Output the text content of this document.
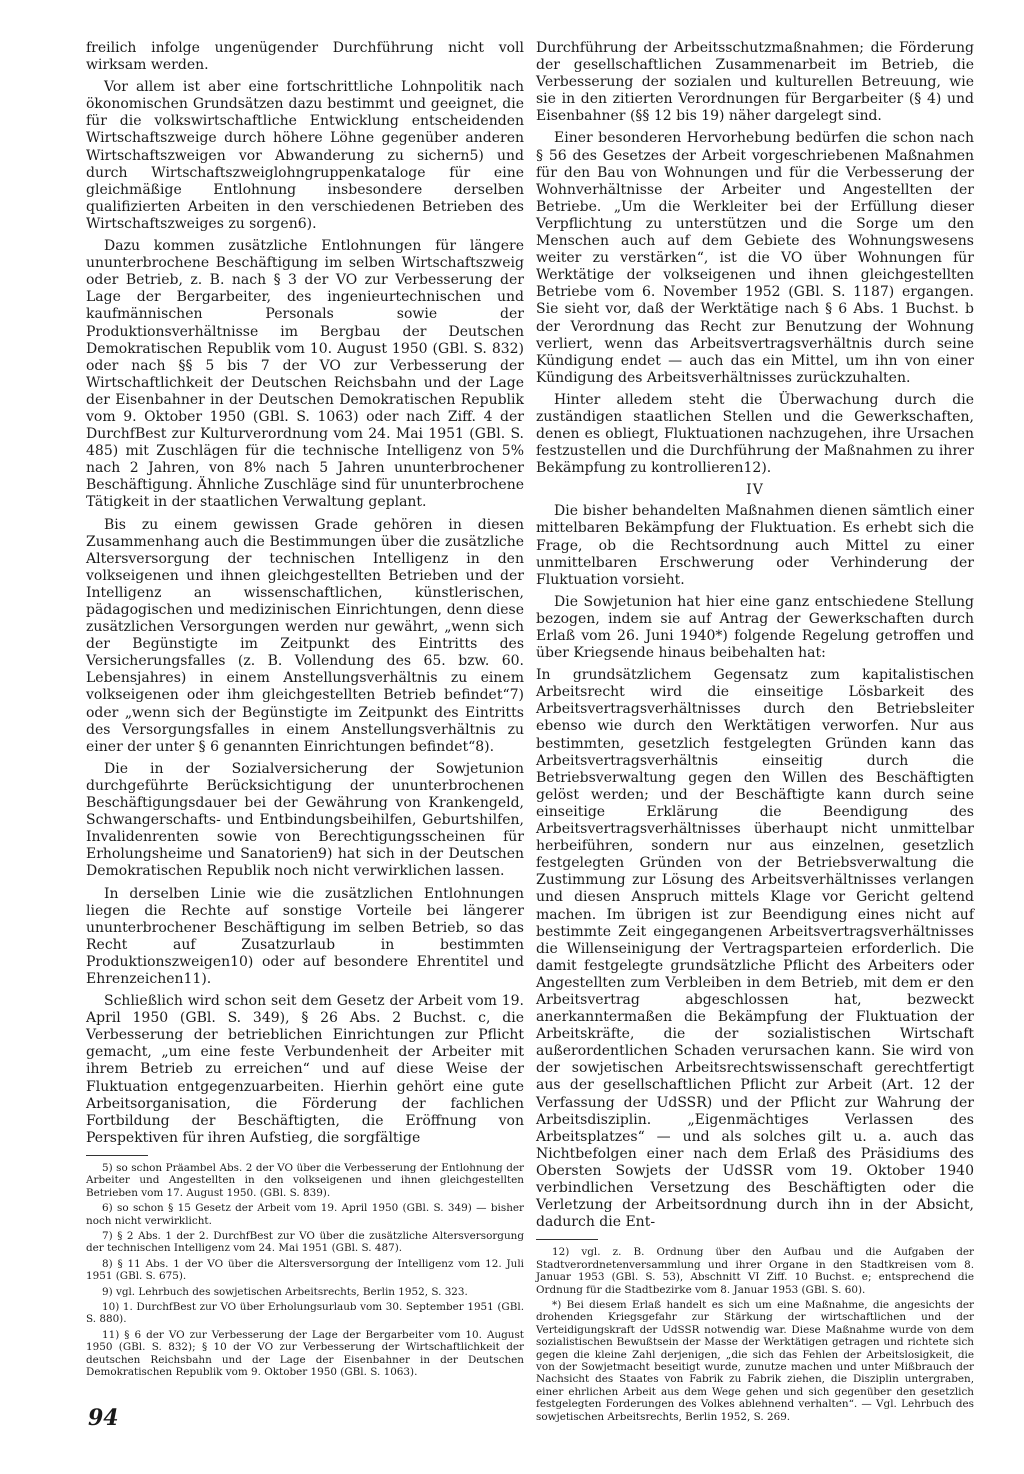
freilich infolge ungenügender Durchführung nicht voll wirksam werden.

Vor allem ist aber eine fortschrittliche Lohnpolitik nach ökonomischen Grundsätzen dazu bestimmt und geeignet, die für die volkswirtschaftliche Entwicklung entscheidenden Wirtschaftszweige durch höhere Löhne gegenüber anderen Wirtschaftszweigen vor Abwanderung zu sichern5) und durch Wirtschaftszweiglohngruppenkataloge für eine gleichmäßige Entlohnung insbesondere derselben qualifizierten Arbeiten in den verschiedenen Betrieben des Wirtschaftszweiges zu sorgen6).

Dazu kommen zusätzliche Entlohnungen für längere ununterbrochene Beschäftigung im selben Wirtschaftszweig oder Betrieb, z. B. nach § 3 der VO zur Verbesserung der Lage der Bergarbeiter, des ingenieurtechnischen und kaufmännischen Personals sowie der Produktionsverhältnisse im Bergbau der Deutschen Demokratischen Republik vom 10. August 1950 (GBl. S. 832) oder nach §§ 5 bis 7 der VO zur Verbesserung der Wirtschaftlichkeit der Deutschen Reichsbahn und der Lage der Eisenbahner in der Deutschen Demokratischen Republik vom 9. Oktober 1950 (GBl. S. 1063) oder nach Ziff. 4 der DurchfBest zur Kulturverordnung vom 24. Mai 1951 (GBl. S. 485) mit Zuschlägen für die technische Intelligenz von 5% nach 2 Jahren, von 8% nach 5 Jahren ununterbrochener Beschäftigung. Ähnliche Zuschläge sind für ununterbrochene Tätigkeit in der staatlichen Verwaltung geplant.

Bis zu einem gewissen Grade gehören in diesen Zusammenhang auch die Bestimmungen über die zusätzliche Altersversorgung der technischen Intelligenz in den volkseigenen und ihnen gleichgestellten Betrieben und der Intelligenz an wissenschaftlichen, künstlerischen, pädagogischen und medizinischen Einrichtungen, denn diese zusätzlichen Versorgungen werden nur gewährt, „wenn sich der Begünstigte im Zeitpunkt des Eintritts des Versicherungsfalles (z. B. Vollendung des 65. bzw. 60. Lebensjahres) in einem Anstellungsverhältnis zu einem volkseigenen oder ihm gleichgestellten Betrieb befindet“7) oder „wenn sich der Begünstigte im Zeitpunkt des Eintritts des Versorgungsfalles in einem Anstellungsverhältnis zu einer der unter § 6 genannten Einrichtungen befindet“8).

Die in der Sozialversicherung der Sowjetunion durchgeführte Berücksichtigung der ununterbrochenen Beschäftigungsdauer bei der Gewährung von Krankengeld, Schwangerschafts- und Entbindungsbeihilfen, Geburtshilfen, Invalidenrenten sowie von Berechtigungsscheinen für Erholungsheime und Sanatorien9) hat sich in der Deutschen Demokratischen Republik noch nicht verwirklichen lassen.

In derselben Linie wie die zusätzlichen Entlohnungen liegen die Rechte auf sonstige Vorteile bei längerer ununterbrochener Beschäftigung im selben Betrieb, so das Recht auf Zusatzurlaub in bestimmten Produktionszweigen10) oder auf besondere Ehrentitel und Ehrenzeichen11).

Schließlich wird schon seit dem Gesetz der Arbeit vom 19. April 1950 (GBl. S. 349), § 26 Abs. 2 Buchst. c, die Verbesserung der betrieblichen Einrichtungen zur Pflicht gemacht, „um eine feste Verbundenheit der Arbeiter mit ihrem Betrieb zu erreichen“ und auf diese Weise der Fluktuation entgegenzuarbeiten. Hierhin gehört eine gute Arbeitsorganisation, die Förderung der fachlichen Fortbildung der Beschäftigten, die Eröffnung von Perspektiven für ihren Aufstieg, die sorgfältige

5) so schon Präambel Abs. 2 der VO über die Verbesserung der Entlohnung der Arbeiter und Angestellten in den volkseigenen und ihnen gleichgestellten Betrieben vom 17. August 1950. (GBl. S. 839).

6) so schon § 15 Gesetz der Arbeit vom 19. April 1950 (GBl. S. 349) — bisher noch nicht verwirklicht.

7) § 2 Abs. 1 der 2. DurchfBest zur VO über die zusätzliche Altersversorgung der technischen Intelligenz vom 24. Mai 1951 (GBl. S. 487).

8) § 11 Abs. 1 der VO über die Altersversorgung der Intelligenz vom 12. Juli 1951 (GBl. S. 675).

9) vgl. Lehrbuch des sowjetischen Arbeitsrechts, Berlin 1952, S. 323.

10) 1. DurchfBest zur VO über Erholungsurlaub vom 30. September 1951 (GBl. S. 880).

11) § 6 der VO zur Verbesserung der Lage der Bergarbeiter vom 10. August 1950 (GBl. S. 832); § 10 der VO zur Verbesserung der Wirtschaftlichkeit der deutschen Reichsbahn und der Lage der Eisenbahner in der Deutschen Demokratischen Republik vom 9. Oktober 1950 (GBl. S. 1063).

Durchführung der Arbeitsschutzmaßnahmen; die Förderung der gesellschaftlichen Zusammenarbeit im Betrieb, die Verbesserung der sozialen und kulturellen Betreuung, wie sie in den zitierten Verordnungen für Bergarbeiter (§ 4) und Eisenbahner (§§ 12 bis 19) näher dargelegt sind.

Einer besonderen Hervorhebung bedürfen die schon nach § 56 des Gesetzes der Arbeit vorgeschriebenen Maßnahmen für den Bau von Wohnungen und für die Verbesserung der Wohnverhältnisse der Arbeiter und Angestellten der Betriebe. „Um die Werkleiter bei der Erfüllung dieser Verpflichtung zu unterstützen und die Sorge um den Menschen auch auf dem Gebiete des Wohnungswesens weiter zu verstärken“, ist die VO über Wohnungen für Werktätige der volkseigenen und ihnen gleichgestellten Betriebe vom 6. November 1952 (GBl. S. 1187) ergangen. Sie sieht vor, daß der Werktätige nach § 6 Abs. 1 Buchst. b der Verordnung das Recht zur Benutzung der Wohnung verliert, wenn das Arbeitsvertragsverhältnis durch seine Kündigung endet — auch das ein Mittel, um ihn von einer Kündigung des Arbeitsverhältnisses zurückzuhalten.

Hinter alledem steht die Überwachung durch die zuständigen staatlichen Stellen und die Gewerkschaften, denen es obliegt, Fluktuationen nachzugehen, ihre Ursachen festzustellen und die Durchführung der Maßnahmen zu ihrer Bekämpfung zu kontrollieren12).

IV

Die bisher behandelten Maßnahmen dienen sämtlich einer mittelbaren Bekämpfung der Fluktuation. Es erhebt sich die Frage, ob die Rechtsordnung auch Mittel zu einer unmittelbaren Erschwerung oder Verhinderung der Fluktuation vorsieht.

Die Sowjetunion hat hier eine ganz entschiedene Stellung bezogen, indem sie auf Antrag der Gewerkschaften durch Erlaß vom 26. Juni 1940*) folgende Regelung getroffen und über Kriegsende hinaus beibehalten hat:

In grundsätzlichem Gegensatz zum kapitalistischen Arbeitsrecht wird die einseitige Lösbarkeit des Arbeitsvertragsverhältnisses durch den Betriebsleiter ebenso wie durch den Werktätigen verworfen. Nur aus bestimmten, gesetzlich festgelegten Gründen kann das Arbeitsvertragsverhältnis einseitig durch die Betriebsverwaltung gegen den Willen des Beschäftigten gelöst werden; und der Beschäftigte kann durch seine einseitige Erklärung die Beendigung des Arbeitsvertragsverhältnisses überhaupt nicht unmittelbar herbeiführen, sondern nur aus einzelnen, gesetzlich festgelegten Gründen von der Betriebsverwaltung die Zustimmung zur Lösung des Arbeitsverhältnisses verlangen und diesen Anspruch mittels Klage vor Gericht geltend machen. Im übrigen ist zur Beendigung eines nicht auf bestimmte Zeit eingegangenen Arbeitsvertragsverhältnisses die Willenseinigung der Vertragsparteien erforderlich. Die damit festgelegte grundsätzliche Pflicht des Arbeiters oder Angestellten zum Verbleiben in dem Betrieb, mit dem er den Arbeitsvertrag abgeschlossen hat, bezweckt anerkanntermaßen die Bekämpfung der Fluktuation der Arbeitskräfte, die der sozialistischen Wirtschaft außerordentlichen Schaden verursachen kann. Sie wird von der sowjetischen Arbeitsrechtswissenschaft gerechtfertigt aus der gesellschaftlichen Pflicht zur Arbeit (Art. 12 der Verfassung der UdSSR) und der Pflicht zur Wahrung der Arbeitsdisziplin. „Eigenmächtiges Verlassen des Arbeitsplatzes“ — und als solches gilt u. a. auch das Nichtbefolgen einer nach dem Erlaß des Präsidiums des Obersten Sowjets der UdSSR vom 19. Oktober 1940 verbindlichen Versetzung des Beschäftigten oder die Verletzung der Arbeitsordnung durch ihn in der Absicht, dadurch die Ent-

12) vgl. z. B. Ordnung über den Aufbau und die Aufgaben der Stadtverordnetenversammlung und ihrer Organe in den Stadtkreisen vom 8. Januar 1953 (GBl. S. 53), Abschnitt VI Ziff. 10 Buchst. e; entsprechend die Ordnung für die Stadtbezirke vom 8. Januar 1953 (GBl. S. 60).

*) Bei diesem Erlaß handelt es sich um eine Maßnahme, die angesichts der drohenden Kriegsgefahr zur Stärkung der wirtschaftlichen und der Verteidigungskraft der UdSSR notwendig war. Diese Maßnahme wurde von dem sozialistischen Bewußtsein der Masse der Werktätigen getragen und richtete sich gegen die kleine Zahl derjenigen, „die sich das Fehlen der Arbeitslosigkeit, die von der Sowjetmacht beseitigt wurde, zunutze machen und unter Mißbrauch der Nachsicht des Staates von Fabrik zu Fabrik ziehen, die Disziplin untergraben, einer ehrlichen Arbeit aus dem Wege gehen und sich gegenüber den gesetzlich festgelegten Forderungen des Volkes ablehnend verhalten“. — Vgl. Lehrbuch des sowjetischen Arbeitsrechts, Berlin 1952, S. 269.

94
